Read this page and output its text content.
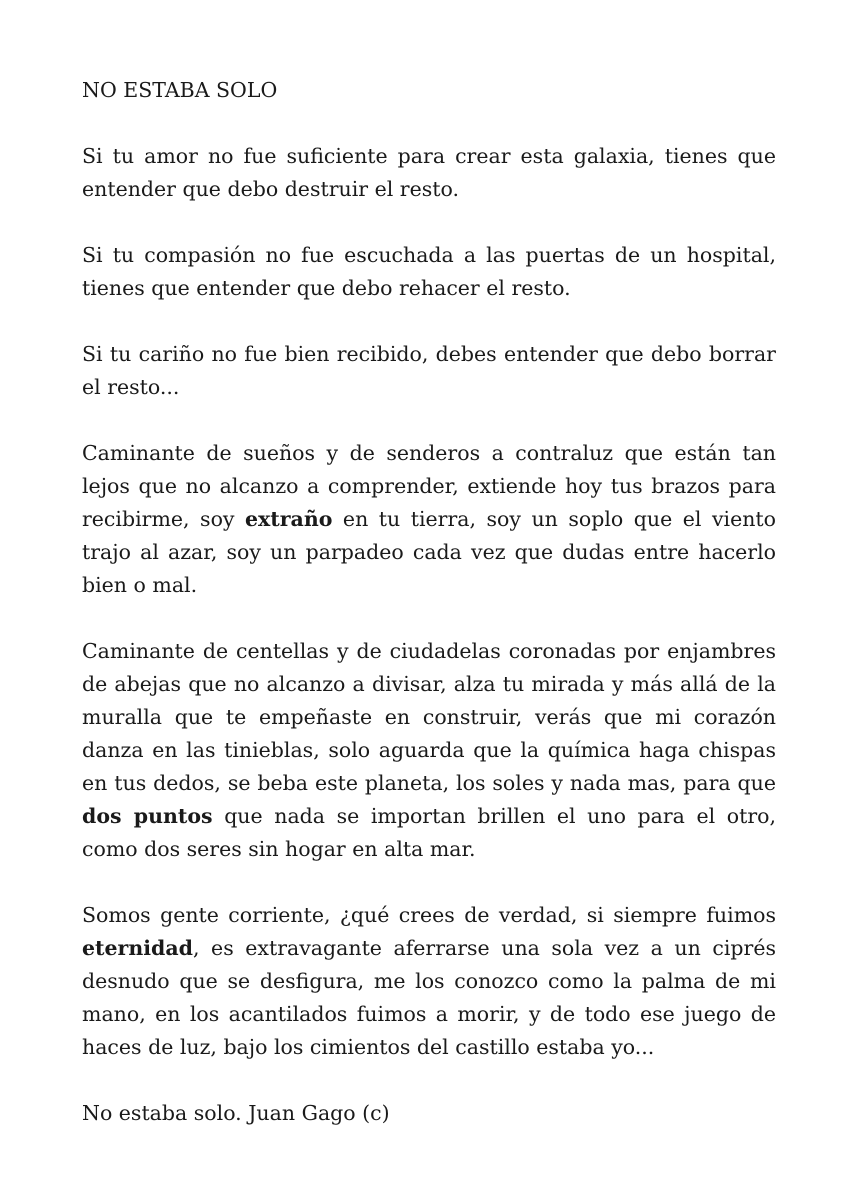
NO ESTABA SOLO

Si tu amor no fue suficiente para crear esta galaxia, tienes que entender que debo destruir el resto.

Si tu compasión no fue escuchada a las puertas de un hospital, tienes que entender que debo rehacer el resto.

Si tu cariño no fue bien recibido, debes entender que debo borrar el resto...

Caminante de sueños y de senderos a contraluz que están tan lejos que no alcanzo a comprender, extiende hoy tus brazos para recibirme, soy extraño en tu tierra, soy un soplo que el viento trajo al azar, soy un parpadeo cada vez que dudas entre hacerlo bien o mal.

Caminante de centellas y de ciudadelas coronadas por enjambres de abejas que no alcanzo a divisar, alza tu mirada y más allá de la muralla que te empeñaste en construir, verás que mi corazón danza en las tinieblas, solo aguarda que la química haga chispas en tus dedos, se beba este planeta, los soles y nada mas, para que dos puntos que nada se importan brillen el uno para el otro, como dos seres sin hogar en alta mar.

Somos gente corriente, ¿qué crees de verdad, si siempre fuimos eternidad, es extravagante aferrarse una sola vez a un ciprés desnudo que se desfigura, me los conozco como la palma de mi mano, en los acantilados fuimos a morir, y de todo ese juego de haces de luz, bajo los cimientos del castillo estaba yo...

No estaba solo. Juan Gago (c)
